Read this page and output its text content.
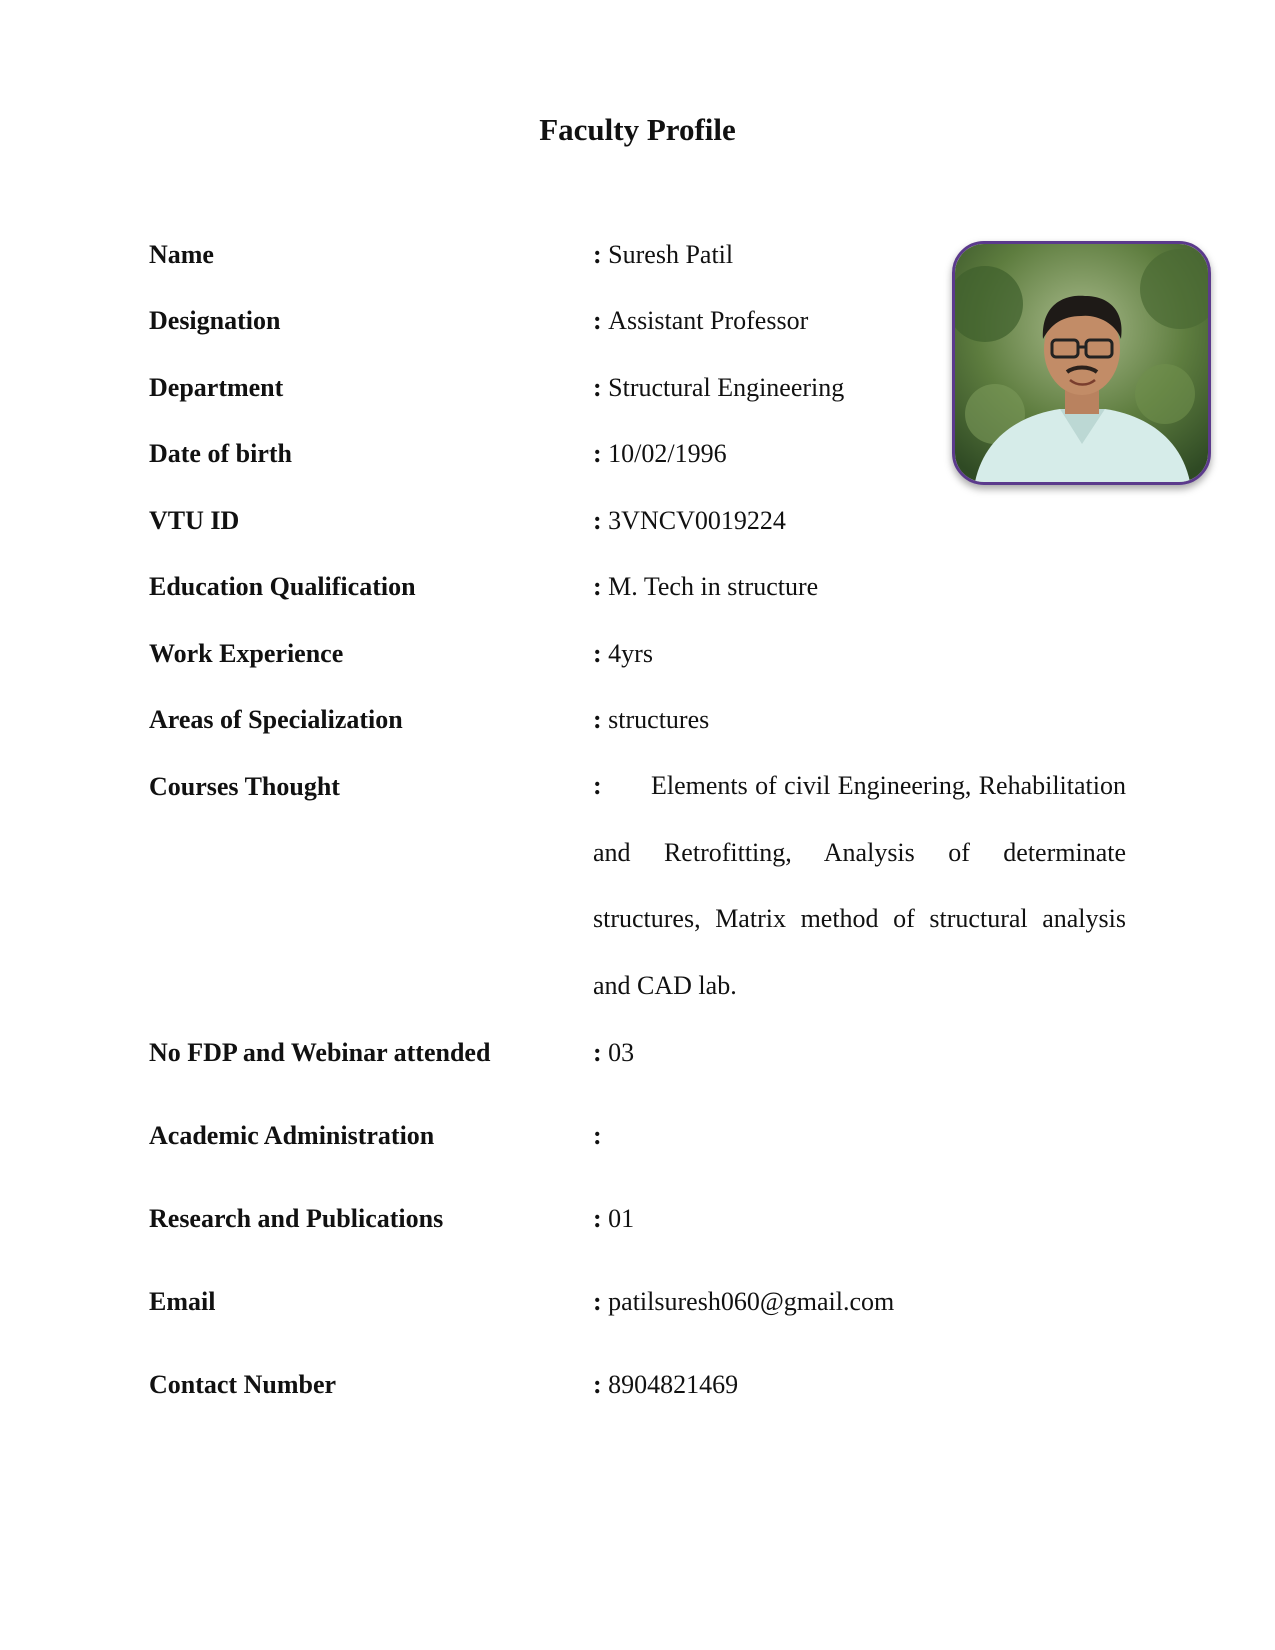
Faculty Profile
Name	: Suresh Patil
Designation	: Assistant Professor
Department	: Structural Engineering
Date of birth	: 10/02/1996
VTU ID	: 3VNCV0019224
Education Qualification	: M. Tech in structure
Work Experience	: 4yrs
Areas of Specialization	: structures
Courses Thought	: Elements of civil Engineering, Rehabilitation and Retrofitting, Analysis of determinate structures, Matrix method of structural analysis and CAD lab.
No FDP and Webinar attended	: 03
Academic Administration	:
Research and Publications	: 01
Email	: patilsuresh060@gmail.com
Contact Number	: 8904821469
